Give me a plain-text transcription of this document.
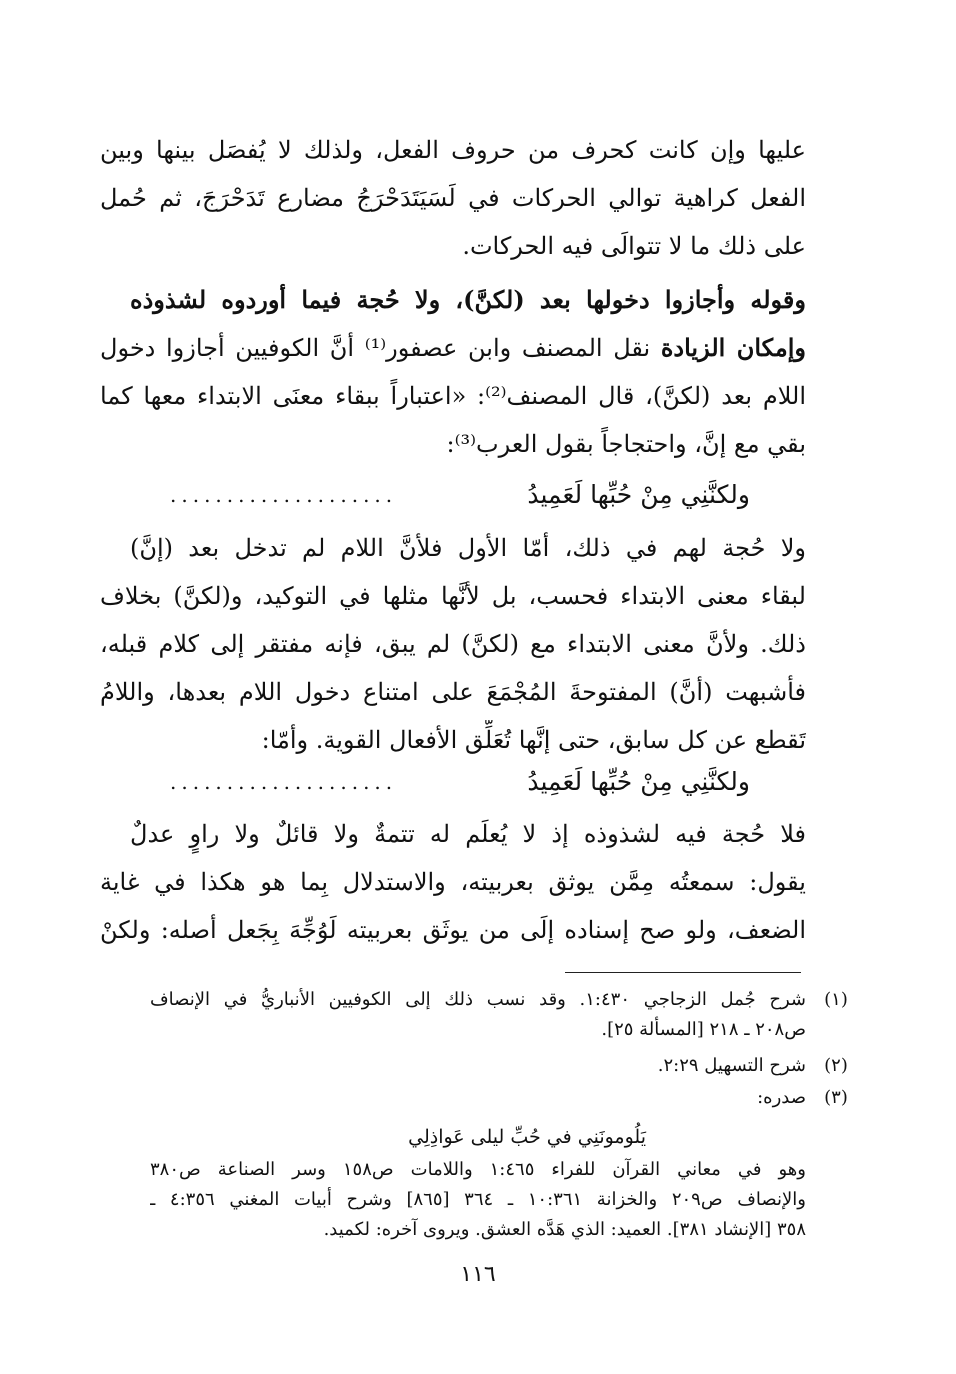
عليها وإن كانت كحرف من حروف الفعل، ولذلك لا يُفصَل بينها وبين
الفعل كراهية توالي الحركات في لَسَيَتَدَحْرَجُ مضارع تَدَحْرَجَ، ثم حُمل
على ذلك ما لا تتوالَى فيه الحركات.
وقوله وأجازوا دخولها بعد (لكنَّ)، ولا حُجة فيما أوردوه لشذوذه
وإمكان الزيادة نقل المصنف وابن عصفور⁽¹⁾ أنَّ الكوفيين أجازوا دخول
اللام بعد (لكنَّ)، قال المصنف⁽²⁾: «اعتباراً ببقاء معنَى الابتداء معها كما
بقي مع إنَّ، واحتجاجاً بقول العرب⁽³⁾:
ولكنَّنِي مِنْ حُبِّها لَعَمِيدُ
....................
ولا حُجة لهم في ذلك، أمّا الأول فلأنَّ اللام لم تدخل بعد (إنَّ)
لبقاء معنى الابتداء فحسب، بل لأنَّها مثلها في التوكيد، و(لكنَّ) بخلاف
ذلك. ولأنَّ معنى الابتداء مع (لكنَّ) لم يبق، فإنه مفتقر إلى كلام قبله،
فأشبهت (أنَّ) المفتوحةَ المُجْمَعَ على امتناع دخول اللام بعدها، واللامُ
تَقطع عن كل سابق، حتى إنَّها تُعَلِّق الأفعال القوية. وأمّا:
ولكنَّنِي مِنْ حُبِّها لَعَمِيدُ
....................
فلا حُجة فيه لشذوذه إذ لا يُعلَم له تتمةٌ ولا قائلٌ ولا راوٍ عدلٌ
يقول: سمعتُه مِمَّن يوثق بعربيته، والاستدلال بِما هو هكذا في غاية
الضعف، ولو صح إسناده إلَى من يوثَق بعربيته لَوُجِّهَ بِجَعل أصله: ولكنْ
(١)
شرح جُمل الزجاجي ١:٤٣٠. وقد نسب ذلك إلى الكوفيين الأنباريُّ في الإنصاف
ص٢٠٨ ـ ٢١٨ [المسألة ٢٥].
(٢)
شرح التسهيل ٢:٢٩.
(٣)
صدره:
يَلُومونَنِي في حُبِّ ليلى عَواذِلِي
وهو في معاني القرآن للفراء ١:٤٦٥ واللامات ص١٥٨ وسر الصناعة ص٣٨٠
والإنصاف ص٢٠٩ والخزانة ١٠:٣٦١ ـ ٣٦٤ [٨٦٥] وشرح أبيات المغني ٤:٣٥٦ ـ
٣٥٨ [الإنشاد ٣٨١]. العميد: الذي هَدَّه العشق. ويروى آخره: لكميد.
١١٦
